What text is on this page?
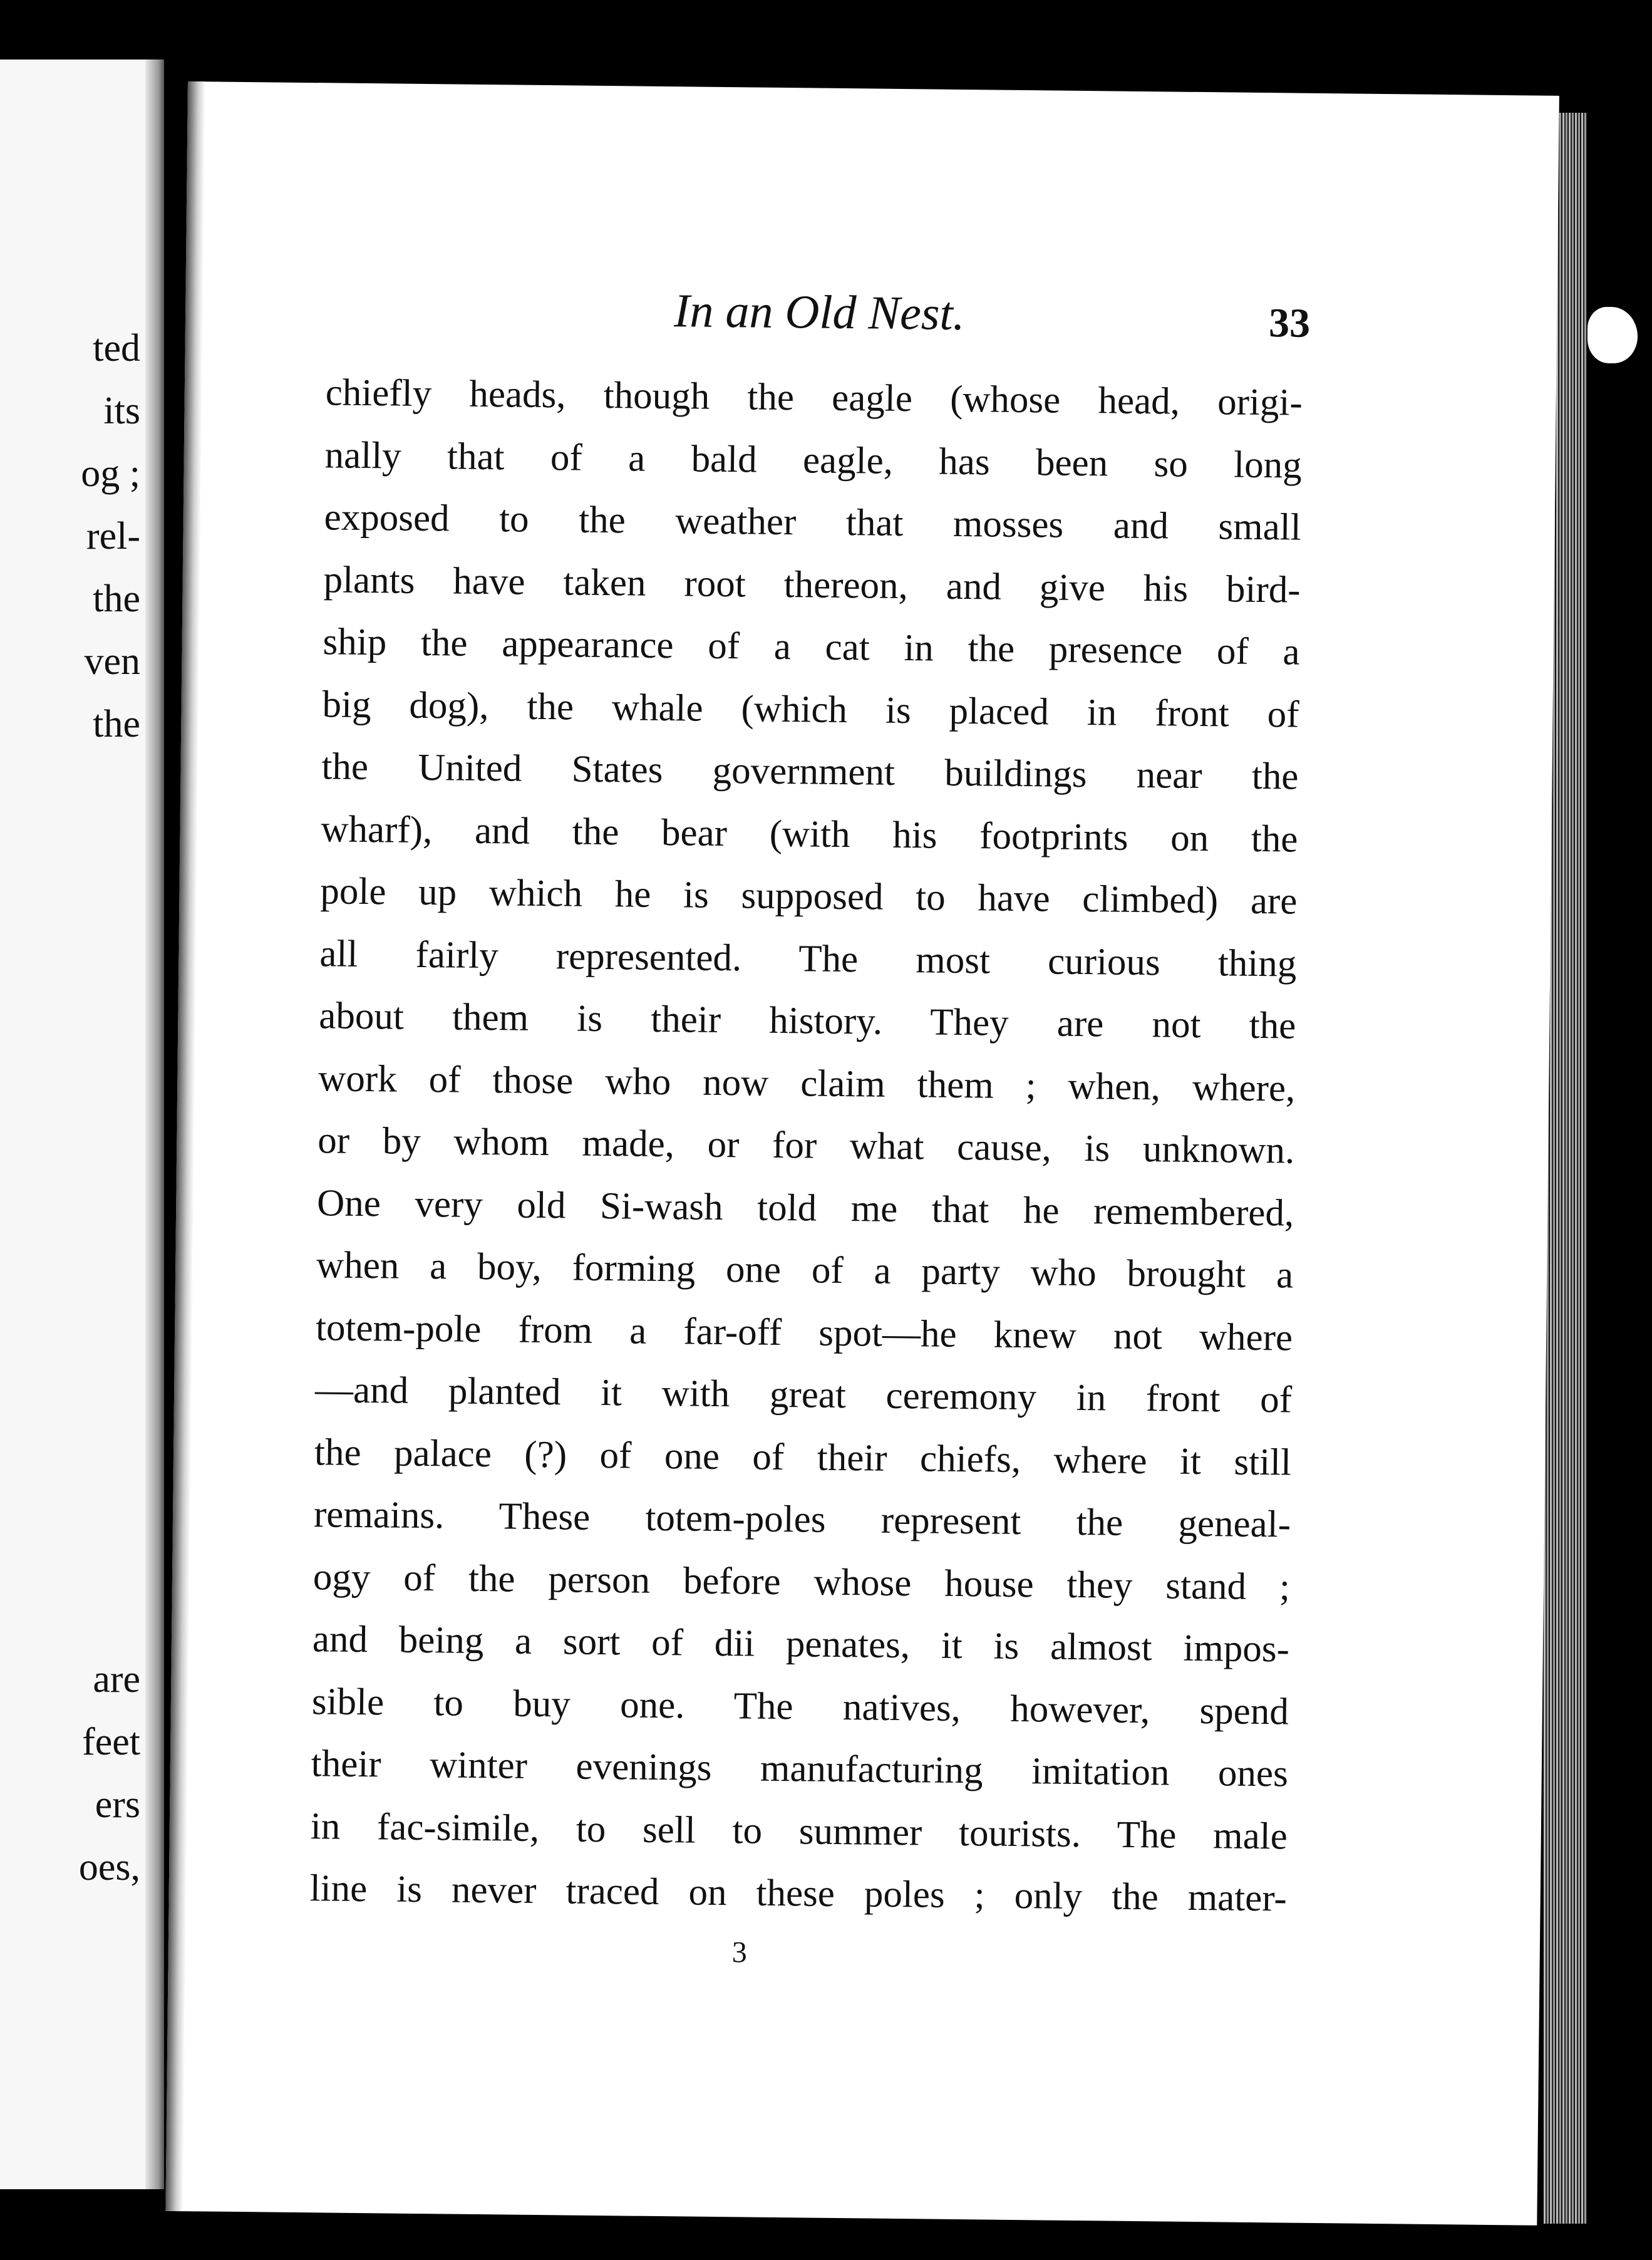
ted
its
og ;
rel-
the
ven
the
are
feet
ers
oes,
In an Old Nest.	33
chiefly heads, though the eagle (whose head, origi-
nally that of a bald eagle, has been so long
exposed to the weather that mosses and small
plants have taken root thereon, and give his bird-
ship the appearance of a cat in the presence of a
big dog), the whale (which is placed in front of
the United States government buildings near the
wharf), and the bear (with his footprints on the
pole up which he is supposed to have climbed) are
all fairly represented. The most curious thing
about them is their history. They are not the
work of those who now claim them ; when, where,
or by whom made, or for what cause, is unknown.
One very old Si-wash told me that he remembered,
when a boy, forming one of a party who brought a
totem-pole from a far-off spot—he knew not where
—and planted it with great ceremony in front of
the palace (?) of one of their chiefs, where it still
remains. These totem-poles represent the geneal-
ogy of the person before whose house they stand ;
and being a sort of dii penates, it is almost impos-
sible to buy one. The natives, however, spend
their winter evenings manufacturing imitation ones
in fac-simile, to sell to summer tourists. The male
line is never traced on these poles ; only the mater-
3
